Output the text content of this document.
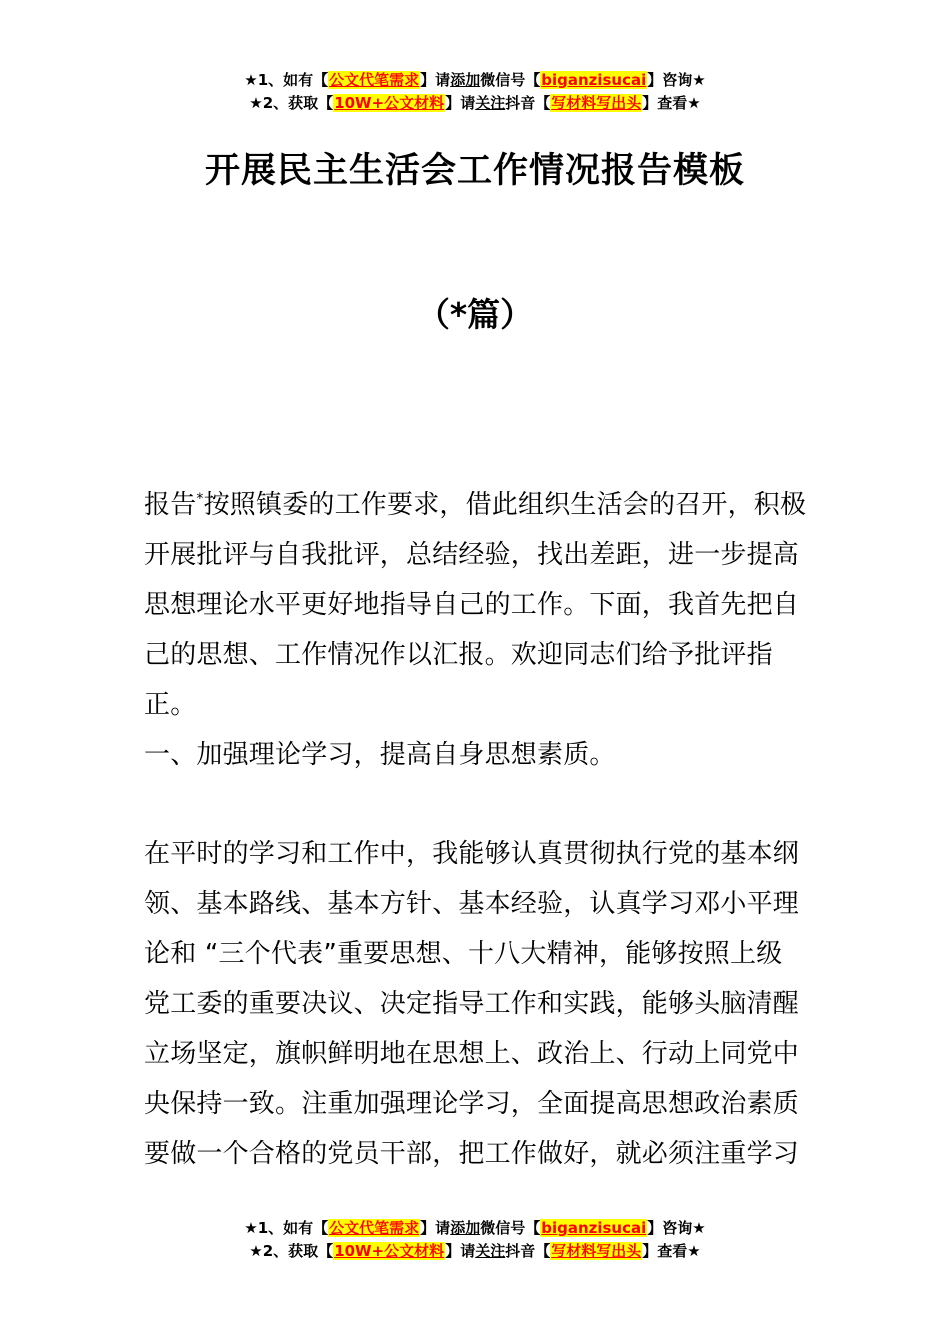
★1、如有【公文代笔需求】请添加微信号【biganzisucai】咨询★
★2、获取【10W+公文材料】请关注抖音【写材料写出头】查看★
开展民主生活会工作情况报告模板
（*篇）

报告*按照镇委的工作要求，借此组织生活会的召开，积极

开展批评与自我批评，总结经验，找出差距，进一步提高

思想理论水平更好地指导自己的工作。下面，我首先把自

己的思想、工作情况作以汇报。欢迎同志们给予批评指正。

一、加强理论学习，提高自身思想素质。

在平时的学习和工作中，我能够认真贯彻执行党的基本纲

领、基本路线、基本方针、基本经验，认真学习邓小平理

论和 “三个代表”重要思想、十八大精神，能够按照上级

党工委的重要决议、决定指导工作和实践，能够头脑清醒

立场坚定，旗帜鲜明地在思想上、政治上、行动上同党中

央保持一致。注重加强理论学习，全面提高思想政治素质

要做一个合格的党员干部，把工作做好，就必须注重学习

★1、如有【公文代笔需求】请添加微信号【biganzisucai】咨询★
★2、获取【10W+公文材料】请关注抖音【写材料写出头】查看★
